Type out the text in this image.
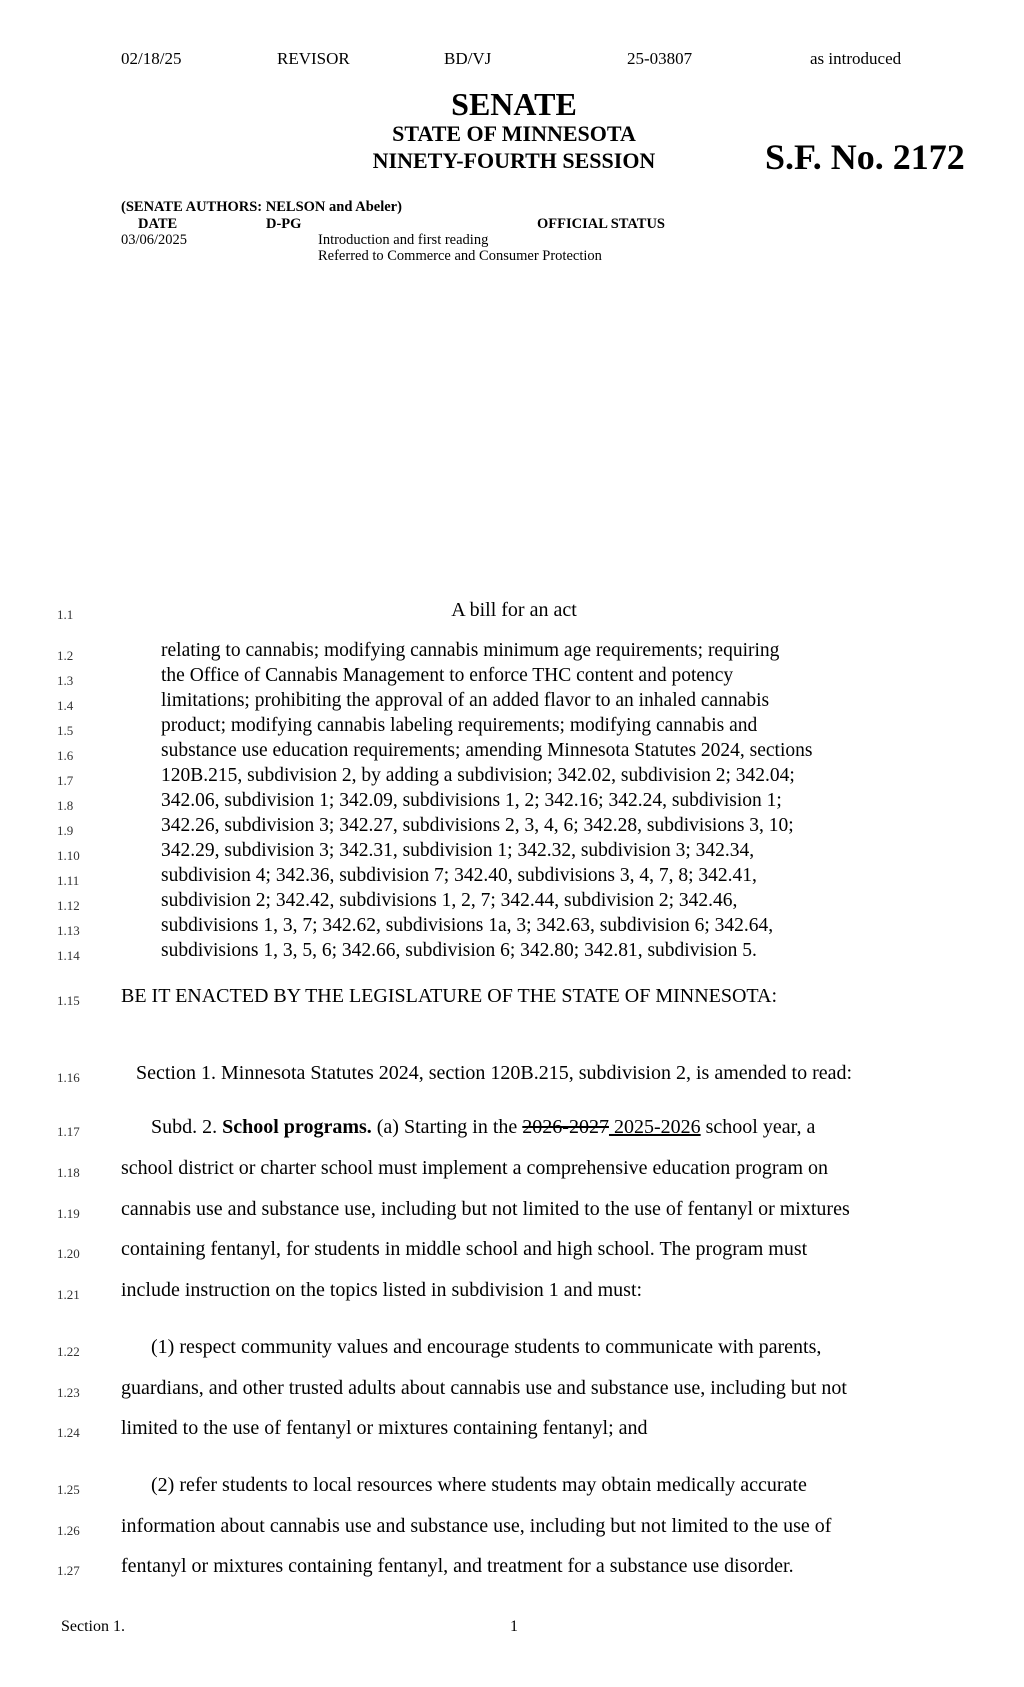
02/18/25	REVISOR	BD/VJ	25-03807	as introduced
SENATE
STATE OF MINNESOTA
NINETY-FOURTH SESSION	S.F. No. 2172
(SENATE AUTHORS: NELSON and Abeler)
DATE	D-PG	OFFICIAL STATUS
03/06/2025	Introduction and first reading
Referred to Commerce and Consumer Protection
1.1	A bill for an act
1.2	relating to cannabis; modifying cannabis minimum age requirements; requiring
1.3	the Office of Cannabis Management to enforce THC content and potency
1.4	limitations; prohibiting the approval of an added flavor to an inhaled cannabis
1.5	product; modifying cannabis labeling requirements; modifying cannabis and
1.6	substance use education requirements; amending Minnesota Statutes 2024, sections
1.7	120B.215, subdivision 2, by adding a subdivision; 342.02, subdivision 2; 342.04;
1.8	342.06, subdivision 1; 342.09, subdivisions 1, 2; 342.16; 342.24, subdivision 1;
1.9	342.26, subdivision 3; 342.27, subdivisions 2, 3, 4, 6; 342.28, subdivisions 3, 10;
1.10	342.29, subdivision 3; 342.31, subdivision 1; 342.32, subdivision 3; 342.34,
1.11	subdivision 4; 342.36, subdivision 7; 342.40, subdivisions 3, 4, 7, 8; 342.41,
1.12	subdivision 2; 342.42, subdivisions 1, 2, 7; 342.44, subdivision 2; 342.46,
1.13	subdivisions 1, 3, 7; 342.62, subdivisions 1a, 3; 342.63, subdivision 6; 342.64,
1.14	subdivisions 1, 3, 5, 6; 342.66, subdivision 6; 342.80; 342.81, subdivision 5.
1.15 BE IT ENACTED BY THE LEGISLATURE OF THE STATE OF MINNESOTA:
1.16	Section 1. Minnesota Statutes 2024, section 120B.215, subdivision 2, is amended to read:
1.17	Subd. 2. School programs. (a) Starting in the 2026-2027 2025-2026 school year, a
1.18 school district or charter school must implement a comprehensive education program on
1.19 cannabis use and substance use, including but not limited to the use of fentanyl or mixtures
1.20 containing fentanyl, for students in middle school and high school. The program must
1.21 include instruction on the topics listed in subdivision 1 and must:
1.22	(1) respect community values and encourage students to communicate with parents,
1.23 guardians, and other trusted adults about cannabis use and substance use, including but not
1.24 limited to the use of fentanyl or mixtures containing fentanyl; and
1.25	(2) refer students to local resources where students may obtain medically accurate
1.26 information about cannabis use and substance use, including but not limited to the use of
1.27 fentanyl or mixtures containing fentanyl, and treatment for a substance use disorder.
Section 1.	1
